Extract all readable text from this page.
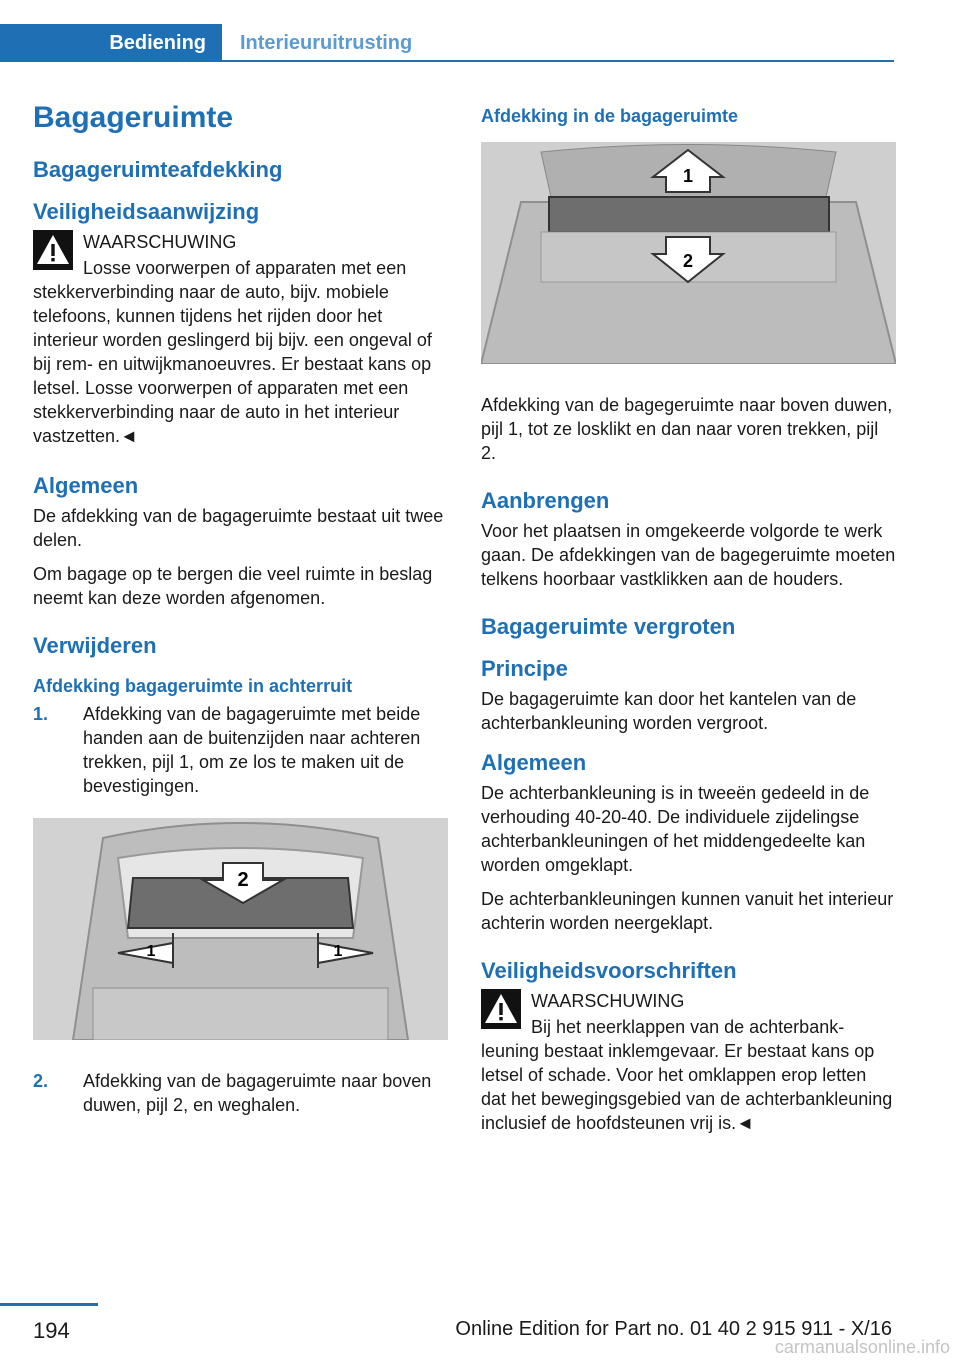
Bediening	Interieuruitrusting
Bagageruimte
Bagageruimteafdekking
Veiligheidsaanwijzing
WAARSCHUWING

Losse voorwerpen of apparaten met een stekkerverbinding naar de auto, bijv. mobiele telefoons, kunnen tijdens het rijden door het interieur worden geslingerd bij bijv. een ongeval of bij rem- en uitwijkmanoeuvres. Er bestaat kans op letsel. Losse voorwerpen of apparaten met een stekkerverbinding naar de auto in het interieur vastzetten.◄

Algemeen

De afdekking van de bagageruimte bestaat uit twee delen.

Om bagage op te bergen die veel ruimte in beslag neemt kan deze worden afgenomen.

Verwijderen
Afdekking bagageruimte in achterruit
1.	Afdekking van de bagageruimte met beide handen aan de buitenzijden naar achteren trekken, pijl 1, om ze los te maken uit de bevestigingen.
2
1	1
2.	Afdekking van de bagageruimte naar boven duwen, pijl 2, en weghalen.
Afdekking in de bagageruimte
1
2

Afdekking van de bagegeruimte naar boven duwen, pijl 1, tot ze losklikt en dan naar voren trekken, pijl 2.

Aanbrengen

Voor het plaatsen in omgekeerde volgorde te werk gaan. De afdekkingen van de bagegeruimte moeten telkens hoorbaar vastklikken aan de houders.

Bagageruimte vergroten
Principe

De bagageruimte kan door het kantelen van de achterbankleuning worden vergroot.

Algemeen

De achterbankleuning is in tweeën gedeeld in de verhouding 40-20-40. De individuele zijdelingse achterbankleuningen of het middengedeelte kan worden omgeklapt.

De achterbankleuningen kunnen vanuit het interieur achterin worden neergeklapt.

Veiligheidsvoorschriften
WAARSCHUWING

Bij het neerklappen van de achterbankleuning bestaat inklemgevaar. Er bestaat kans op letsel of schade. Voor het omklappen erop letten dat het bewegingsgebied van de achterbankleuning inclusief de hoofdsteunen vrij is.◄

194	Online Edition for Part no. 01 40 2 915 911 - X/16
carmanualsonline.info
